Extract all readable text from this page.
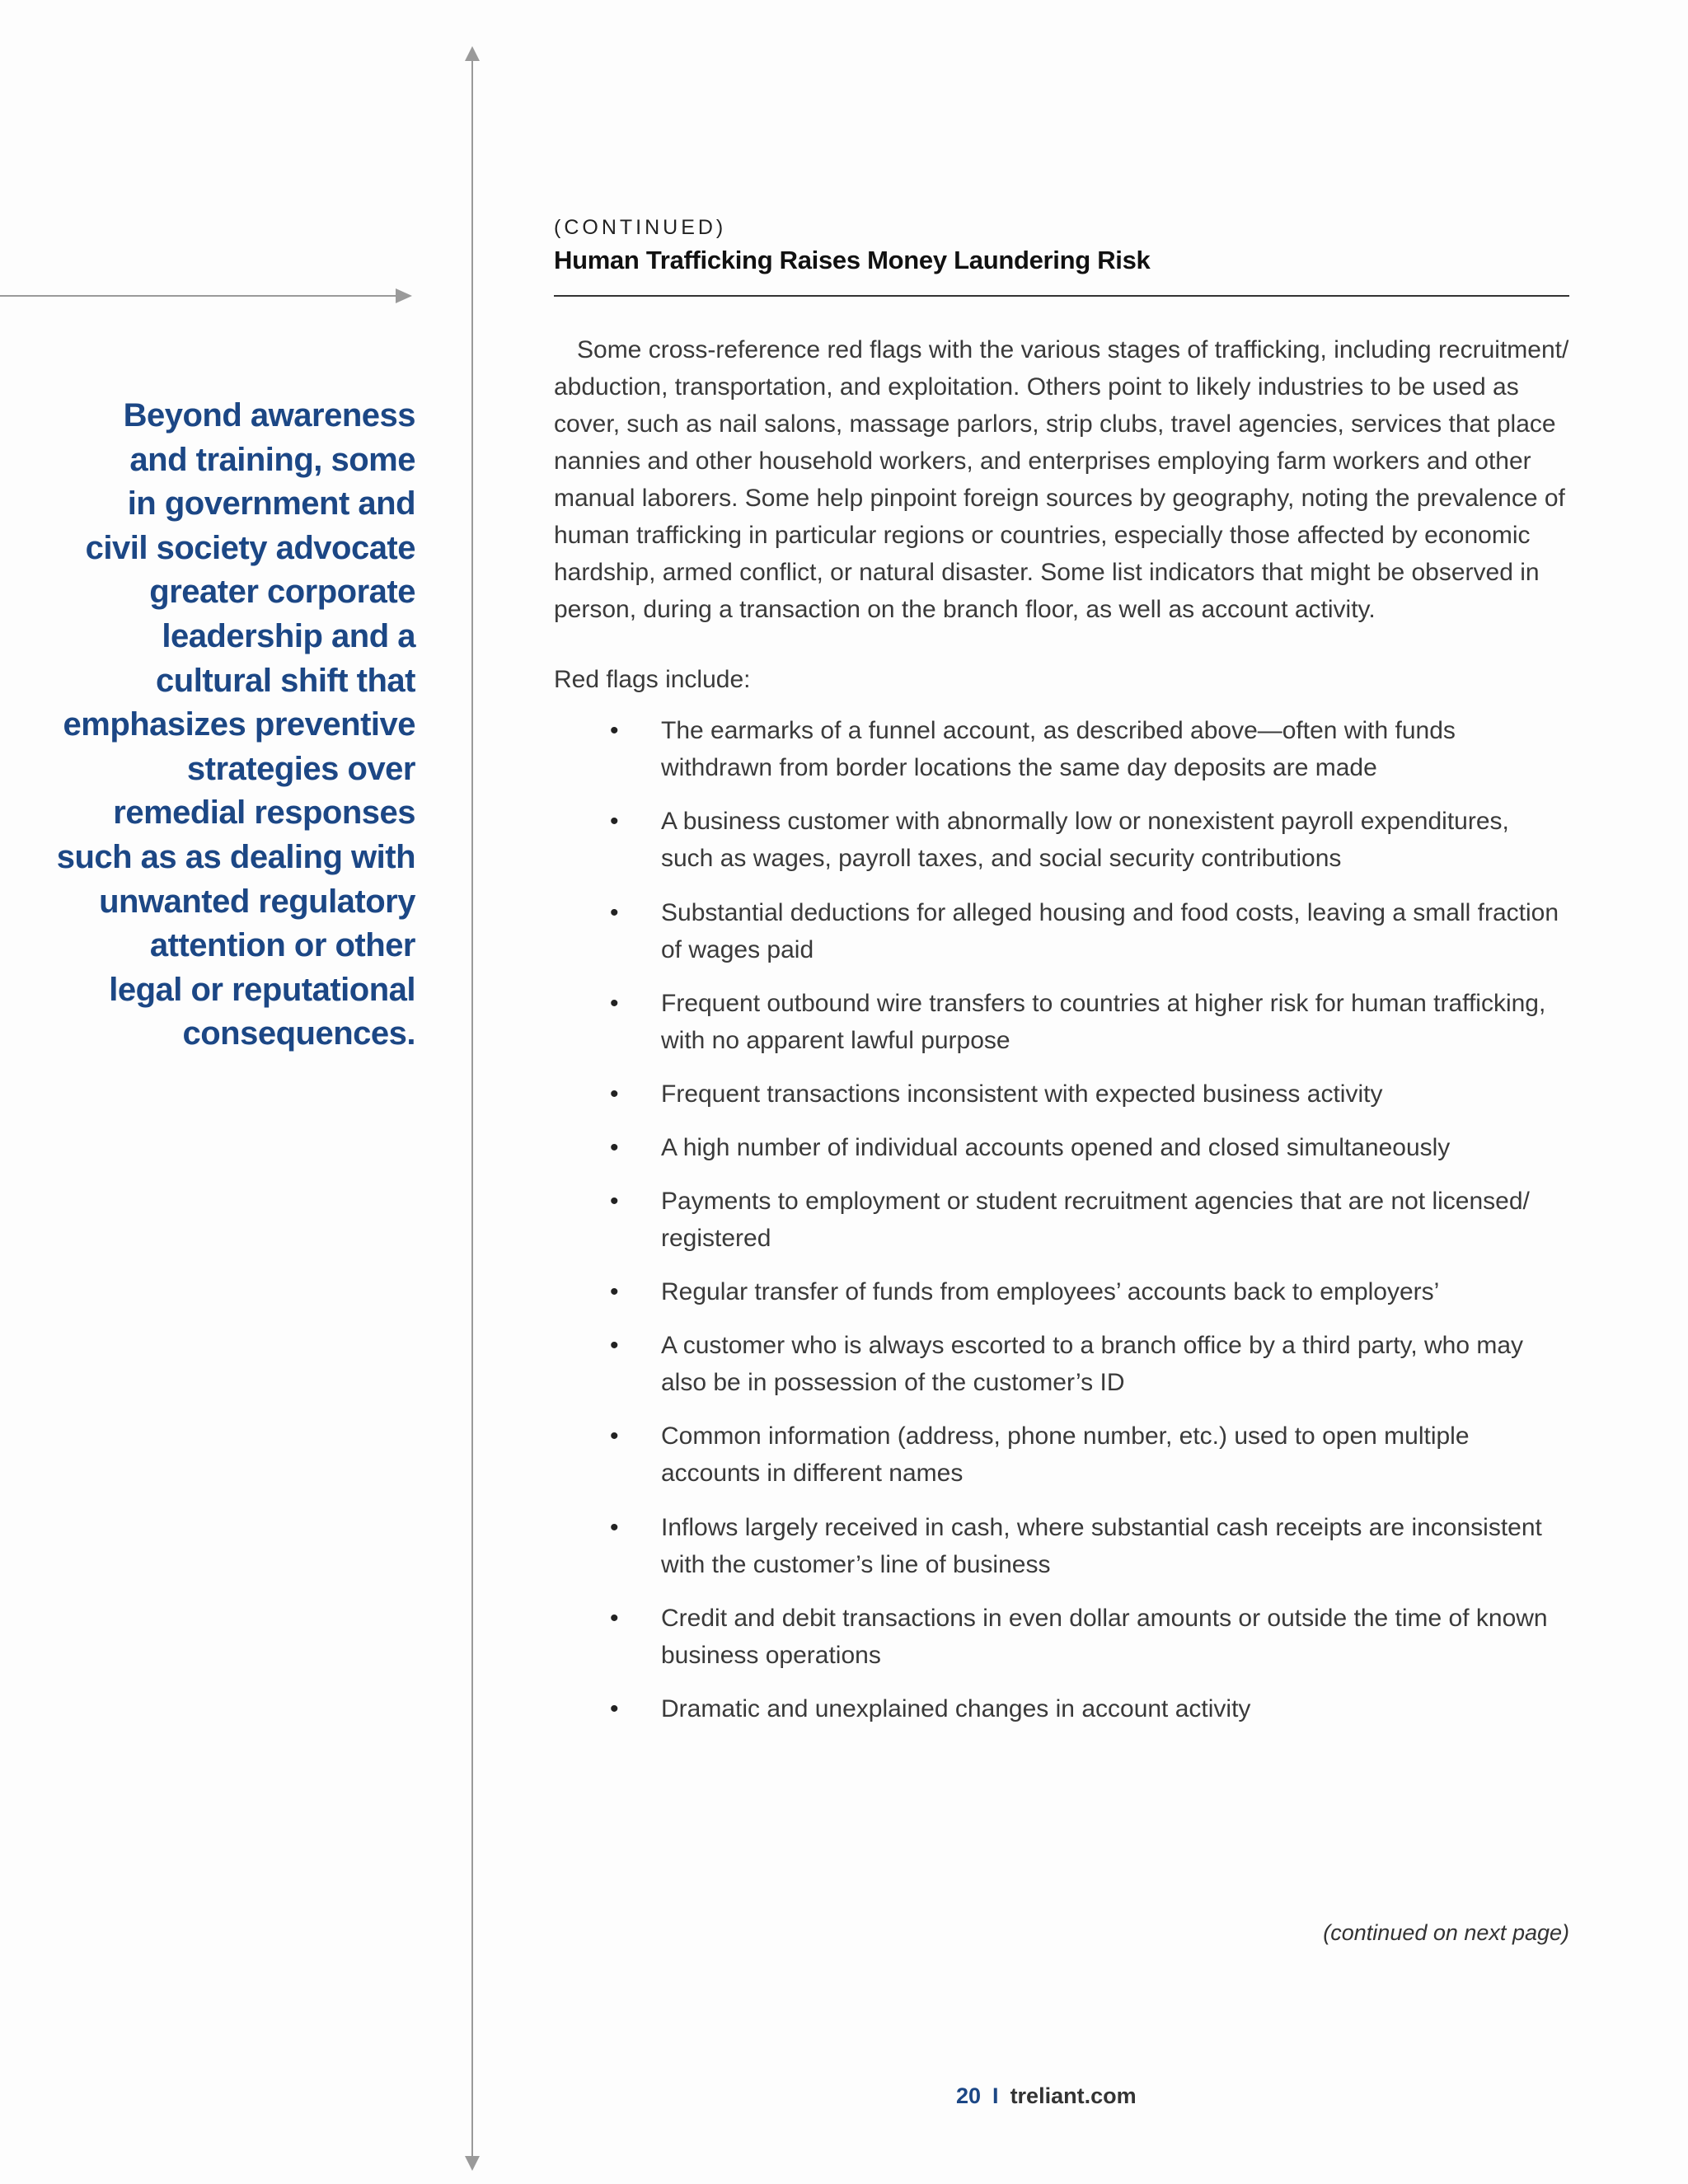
Beyond awareness
and training, some
in government and
civil society advocate
greater corporate
leadership and a
cultural shift that
emphasizes preventive
strategies over
remedial responses
such as as dealing with
unwanted regulatory
attention or other
legal or reputational
consequences.
(CONTINUED)
Human Trafficking Raises Money Laundering Risk

Some cross-reference red flags with the various stages of trafficking, including recruitment/ abduction, transportation, and exploitation. Others point to likely industries to be used as cover, such as nail salons, massage parlors, strip clubs, travel agencies, services that place nannies and other household workers, and enterprises employing farm workers and other manual laborers. Some help pinpoint foreign sources by geography, noting the prevalence of human trafficking in particular regions or countries, especially those affected by economic hardship, armed conflict, or natural disaster. Some list indicators that might be observed in person, during a transaction on the branch floor, as well as account activity.

Red flags include:

• The earmarks of a funnel account, as described above—often with funds withdrawn from border locations the same day deposits are made
• A business customer with abnormally low or nonexistent payroll expenditures, such as wages, payroll taxes, and social security contributions
• Substantial deductions for alleged housing and food costs, leaving a small fraction of wages paid
• Frequent outbound wire transfers to countries at higher risk for human trafficking, with no apparent lawful purpose
• Frequent transactions inconsistent with expected business activity
• A high number of individual accounts opened and closed simultaneously
• Payments to employment or student recruitment agencies that are not licensed/ registered
• Regular transfer of funds from employees’ accounts back to employers’
• A customer who is always escorted to a branch office by a third party, who may also be in possession of the customer’s ID
• Common information (address, phone number, etc.) used to open multiple accounts in different names
• Inflows largely received in cash, where substantial cash receipts are inconsistent with the customer’s line of business
• Credit and debit transactions in even dollar amounts or outside the time of known business operations
• Dramatic and unexplained changes in account activity
(continued on next page)
20 I treliant.com
